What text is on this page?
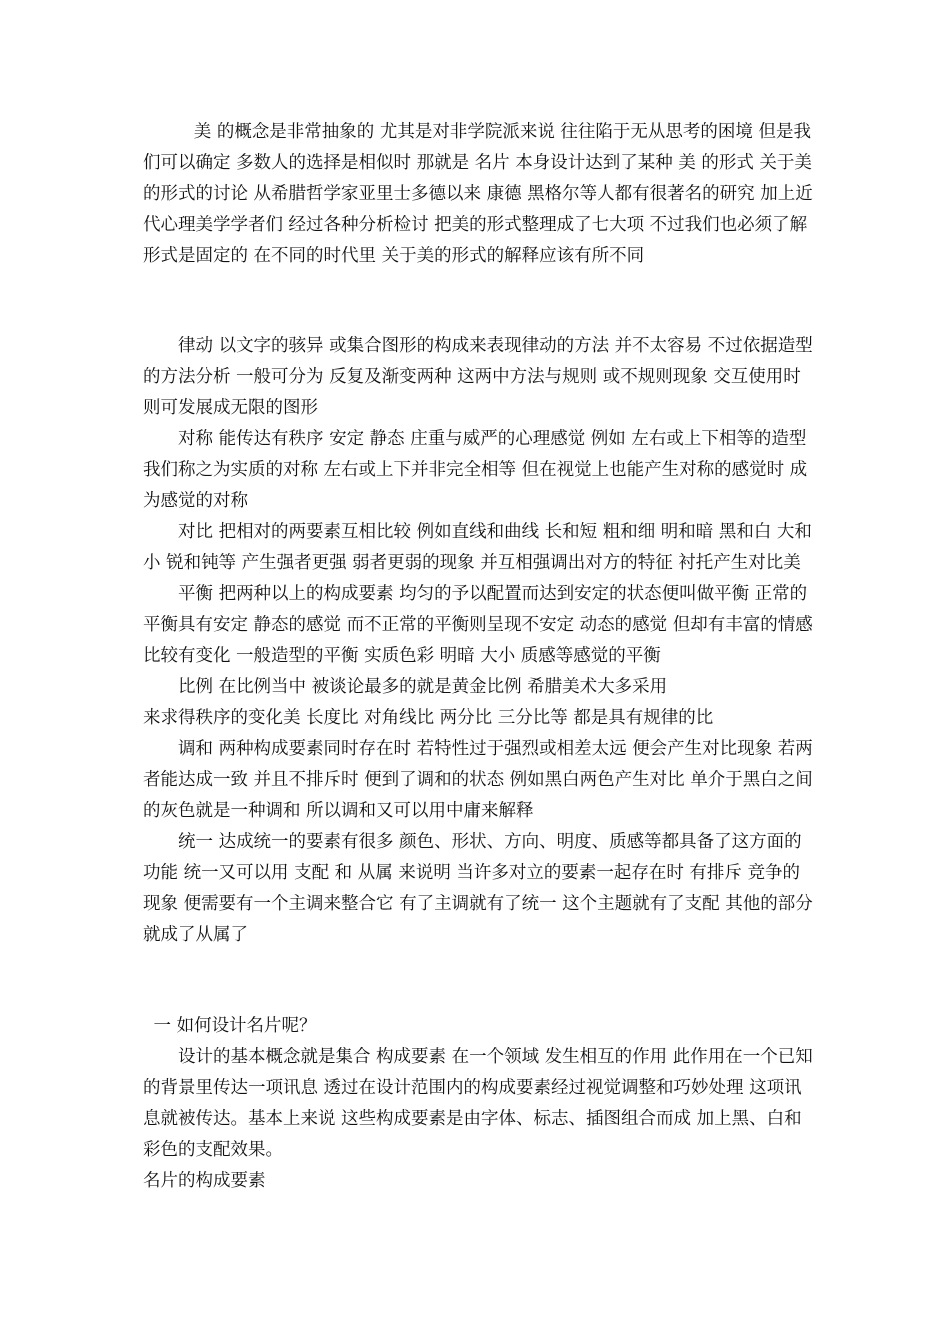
美 的概念是非常抽象的 尤其是对非学院派来说 往往陷于无从思考的困境 但是我们可以确定 多数人的选择是相似时 那就是 名片 本身设计达到了某种 美 的形式 关于美的形式的讨论 从希腊哲学家亚里士多德以来 康德 黑格尔等人都有很著名的研究 加上近代心理美学学者们 经过各种分析检讨 把美的形式整理成了七大项 不过我们也必须了解 形式是固定的 在不同的时代里 关于美的形式的解释应该有所不同

律动 以文字的骇异 或集合图形的构成来表现律动的方法 并不太容易 不过依据造型的方法分析 一般可分为 反复及渐变两种 这两中方法与规则 或不规则现象 交互使用时 则可发展成无限的图形

对称 能传达有秩序 安定 静态 庄重与威严的心理感觉 例如 左右或上下相等的造型 我们称之为实质的对称 左右或上下并非完全相等 但在视觉上也能产生对称的感觉时 成为感觉的对称

对比 把相对的两要素互相比较 例如直线和曲线 长和短 粗和细 明和暗 黑和白 大和小 锐和钝等 产生强者更强 弱者更弱的现象 并互相强调出对方的特征 衬托产生对比美

平衡 把两种以上的构成要素 均匀的予以配置而达到安定的状态便叫做平衡 正常的平衡具有安定 静态的感觉 而不正常的平衡则呈现不安定 动态的感觉 但却有丰富的情感 比较有变化 一般造型的平衡 实质色彩 明暗 大小 质感等感觉的平衡

比例 在比例当中 被谈论最多的就是黄金比例 希腊美术大多采用

来求得秩序的变化美 长度比 对角线比 两分比 三分比等 都是具有规律的比

调和 两种构成要素同时存在时 若特性过于强烈或相差太远 便会产生对比现象 若两者能达成一致 并且不排斥时 便到了调和的状态 例如黑白两色产生对比 单介于黑白之间的灰色就是一种调和 所以调和又可以用中庸来解释

统一 达成统一的要素有很多 颜色、形状、方向、明度、质感等都具备了这方面的功能 统一又可以用 支配 和 从属 来说明 当许多对立的要素一起存在时 有排斥 竞争的现象 便需要有一个主调来整合它 有了主调就有了统一 这个主题就有了支配 其他的部分就成了从属了

一 如何设计名片呢？

设计的基本概念就是集合 构成要素 在一个领域 发生相互的作用 此作用在一个已知的背景里传达一项讯息 透过在设计范围内的构成要素经过视觉调整和巧妙处理 这项讯息就被传达。基本上来说 这些构成要素是由字体、标志、插图组合而成 加上黑、白和彩色的支配效果。

名片的构成要素
